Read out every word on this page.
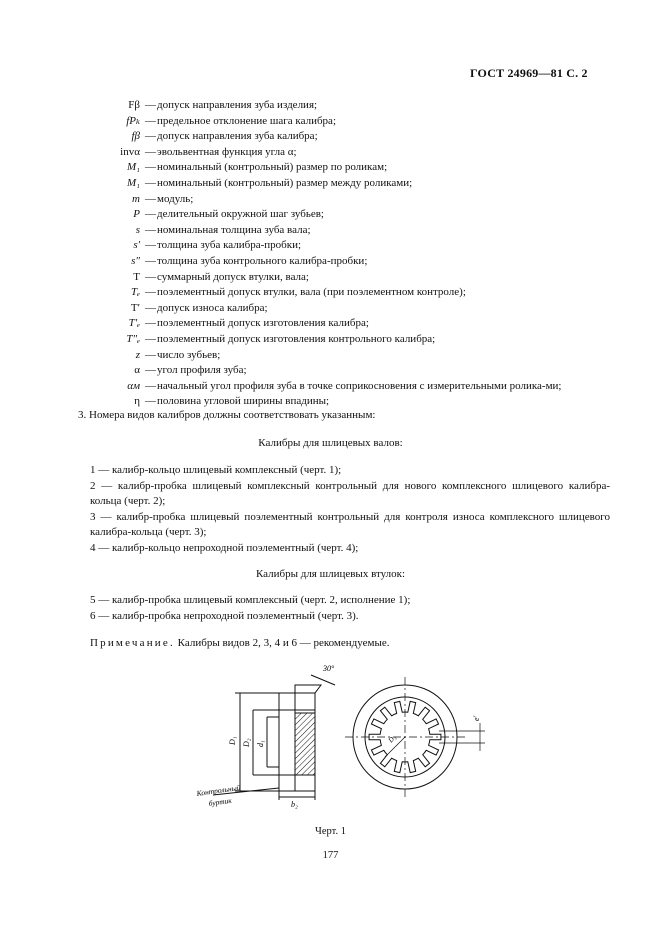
ГОСТ 24969—81 С. 2
Fβ — допуск направления зуба изделия;
fPₖ — предельное отклонение шага калибра;
fβ — допуск направления зуба калибра;
invα — эвольвентная функция угла α;
M₁ — номинальный (контрольный) размер по роликам;
M₁ — номинальный (контрольный) размер между роликами;
m — модуль;
P — делительный окружной шаг зубьев;
s — номинальная толщина зуба вала;
s′ — толщина зуба калибра-пробки;
s″ — толщина зуба контрольного калибра-пробки;
T — суммарный допуск втулки, вала;
Tₑ — поэлементный допуск втулки, вала (при поэлементном контроле);
T′ — допуск износа калибра;
T′ₑ — поэлементный допуск изготовления калибра;
T″ₑ — поэлементный допуск изготовления контрольного калибра;
z — число зубьев;
α — угол профиля зуба;
αм — начальный угол профиля зуба в точке соприкосновения с измерительными ролика-ми;
η — половина угловой ширины впадины;
3. Номера видов калибров должны соответствовать указанным:
Калибры для шлицевых валов:
1 — калибр-кольцо шлицевый комплексный (черт. 1);
2 — калибр-пробка шлицевый комплексный контрольный для нового комплексного шлицевого калибра-кольца (черт. 2);
3 — калибр-пробка шлицевый поэлементный контрольный для контроля износа комплексного шлицевого калибра-кольца (черт. 3);
4 — калибр-кольцо непроходной поэлементный (черт. 4);
Калибры для шлицевых втулок:
5 — калибр-пробка шлицевый комплексный (черт. 2, исполнение 1);
6 — калибр-пробка непроходной поэлементный (черт. 3).
Примечание. Калибры видов 2, 3, 4 и 6 — рекомендуемые.
30°
D₁ D₂ d₁
b₂
Контрольный
буртик
e′
D₃
Черт. 1
177
